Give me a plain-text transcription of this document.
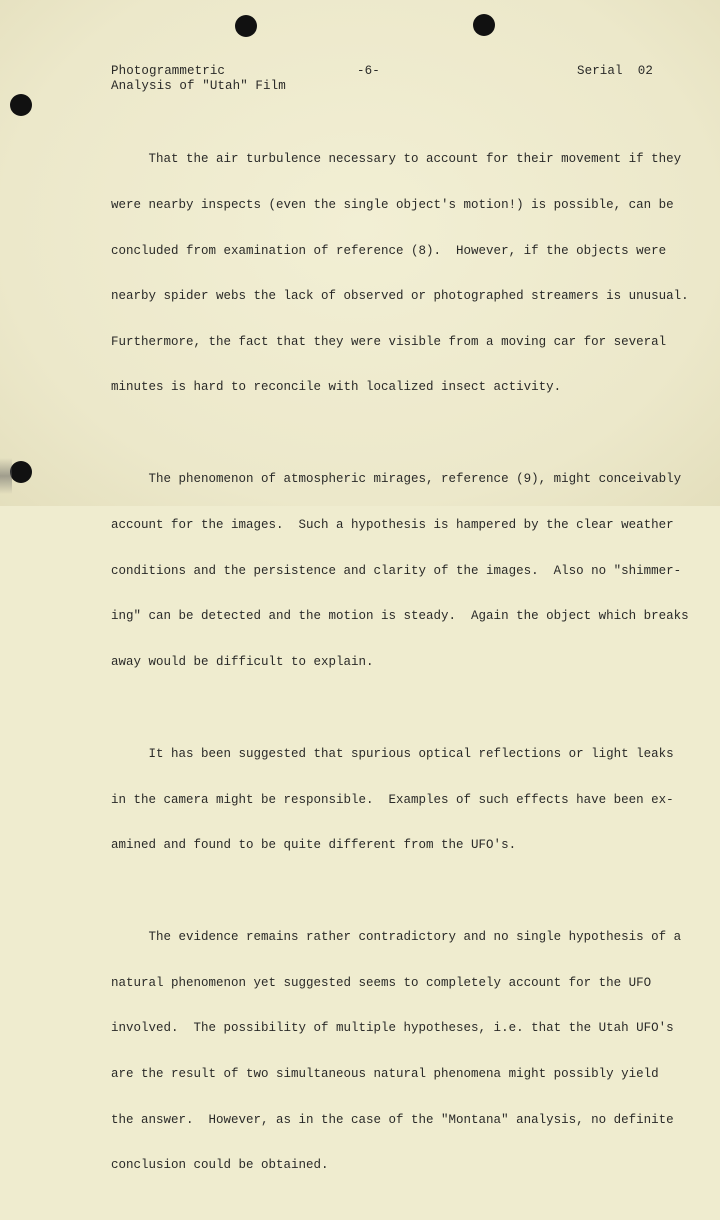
Photogrammetric
Analysis of "Utah" Film
-6-	Serial  02

That the air turbulence necessary to account for their movement if they

were nearby inspects (even the single object's motion!) is possible, can be

concluded from examination of reference (8).  However, if the objects were

nearby spider webs the lack of observed or photographed streamers is unusual.

Furthermore, the fact that they were visible from a moving car for several

minutes is hard to reconcile with localized insect activity.

The phenomenon of atmospheric mirages, reference (9), might conceivably

account for the images.  Such a hypothesis is hampered by the clear weather

conditions and the persistence and clarity of the images.  Also no "shimmer-

ing" can be detected and the motion is steady.  Again the object which breaks

away would be difficult to explain.

It has been suggested that spurious optical reflections or light leaks

in the camera might be responsible.  Examples of such effects have been ex-

amined and found to be quite different from the UFO's.

The evidence remains rather contradictory and no single hypothesis of a

natural phenomenon yet suggested seems to completely account for the UFO

involved.  The possibility of multiple hypotheses, i.e. that the Utah UFO's

are the result of two simultaneous natural phenomena might possibly yield

the answer.  However, as in the case of the "Montana" analysis, no definite

conclusion could be obtained.
